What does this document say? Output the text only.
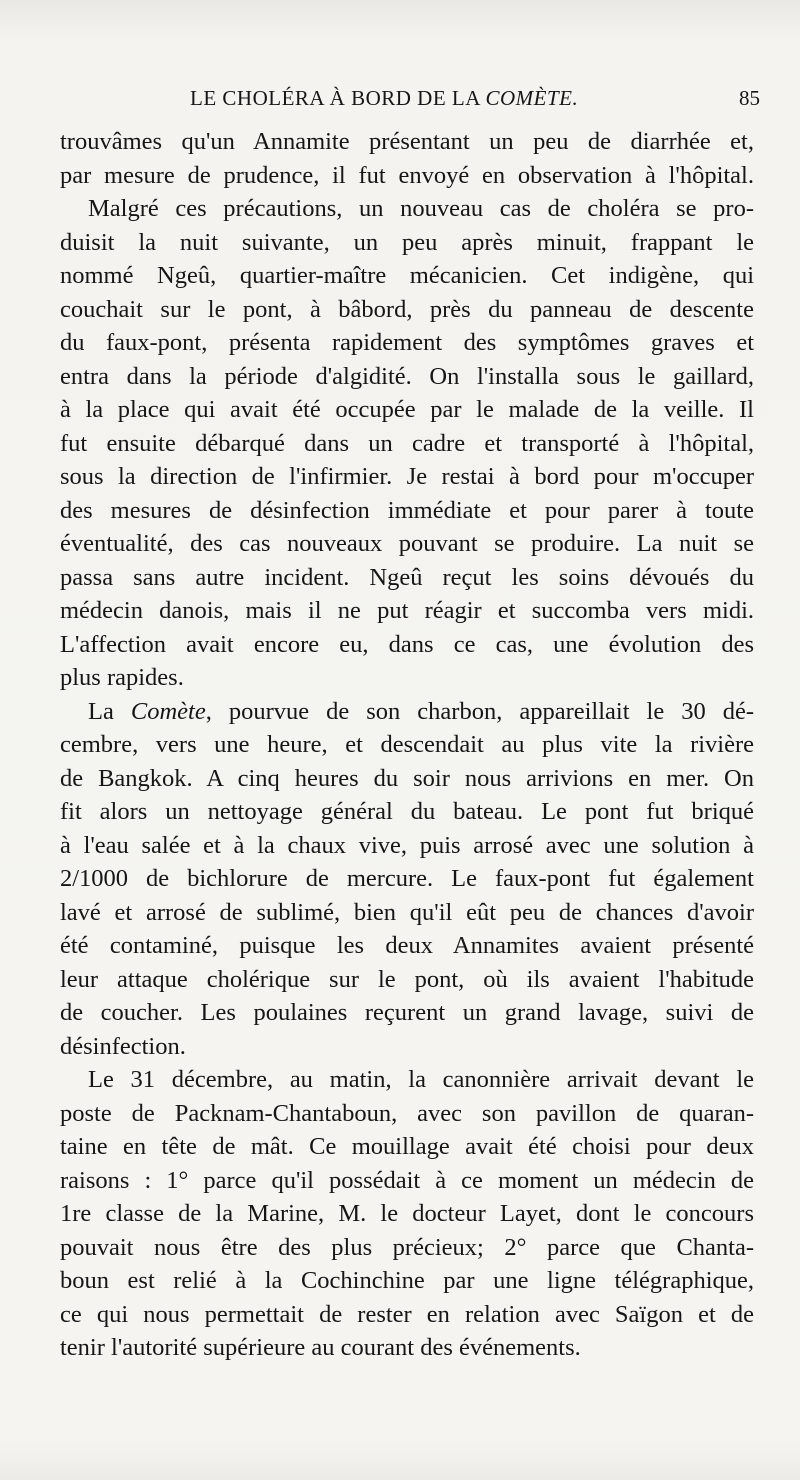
LE CHOLÉRA À BORD DE LA COMÈTE.	85
trouvâmes qu'un Annamite présentant un peu de diarrhée et,
par mesure de prudence, il fut envoyé en observation à l'hôpital.
Malgré ces précautions, un nouveau cas de choléra se pro-
duisit la nuit suivante, un peu après minuit, frappant le
nommé Ngeû, quartier-maître mécanicien. Cet indigène, qui
couchait sur le pont, à bâbord, près du panneau de descente
du faux-pont, présenta rapidement des symptômes graves et
entra dans la période d'algidité. On l'installa sous le gaillard,
à la place qui avait été occupée par le malade de la veille. Il
fut ensuite débarqué dans un cadre et transporté à l'hôpital,
sous la direction de l'infirmier. Je restai à bord pour m'occuper
des mesures de désinfection immédiate et pour parer à toute
éventualité, des cas nouveaux pouvant se produire. La nuit se
passa sans autre incident. Ngeû reçut les soins dévoués du
médecin danois, mais il ne put réagir et succomba vers midi.
L'affection avait encore eu, dans ce cas, une évolution des
plus rapides.
La Comète, pourvue de son charbon, appareillait le 30 dé-
cembre, vers une heure, et descendait au plus vite la rivière
de Bangkok. A cinq heures du soir nous arrivions en mer. On
fit alors un nettoyage général du bateau. Le pont fut briqué
à l'eau salée et à la chaux vive, puis arrosé avec une solution à
2/1000 de bichlorure de mercure. Le faux-pont fut également
lavé et arrosé de sublimé, bien qu'il eût peu de chances d'avoir
été contaminé, puisque les deux Annamites avaient présenté
leur attaque cholérique sur le pont, où ils avaient l'habitude
de coucher. Les poulaines reçurent un grand lavage, suivi de
désinfection.
Le 31 décembre, au matin, la canonnière arrivait devant le
poste de Packnam-Chantaboun, avec son pavillon de quaran-
taine en tête de mât. Ce mouillage avait été choisi pour deux
raisons : 1° parce qu'il possédait à ce moment un médecin de
1re classe de la Marine, M. le docteur Layet, dont le concours
pouvait nous être des plus précieux; 2° parce que Chanta-
boun est relié à la Cochinchine par une ligne télégraphique,
ce qui nous permettait de rester en relation avec Saïgon et de
tenir l'autorité supérieure au courant des événements.
